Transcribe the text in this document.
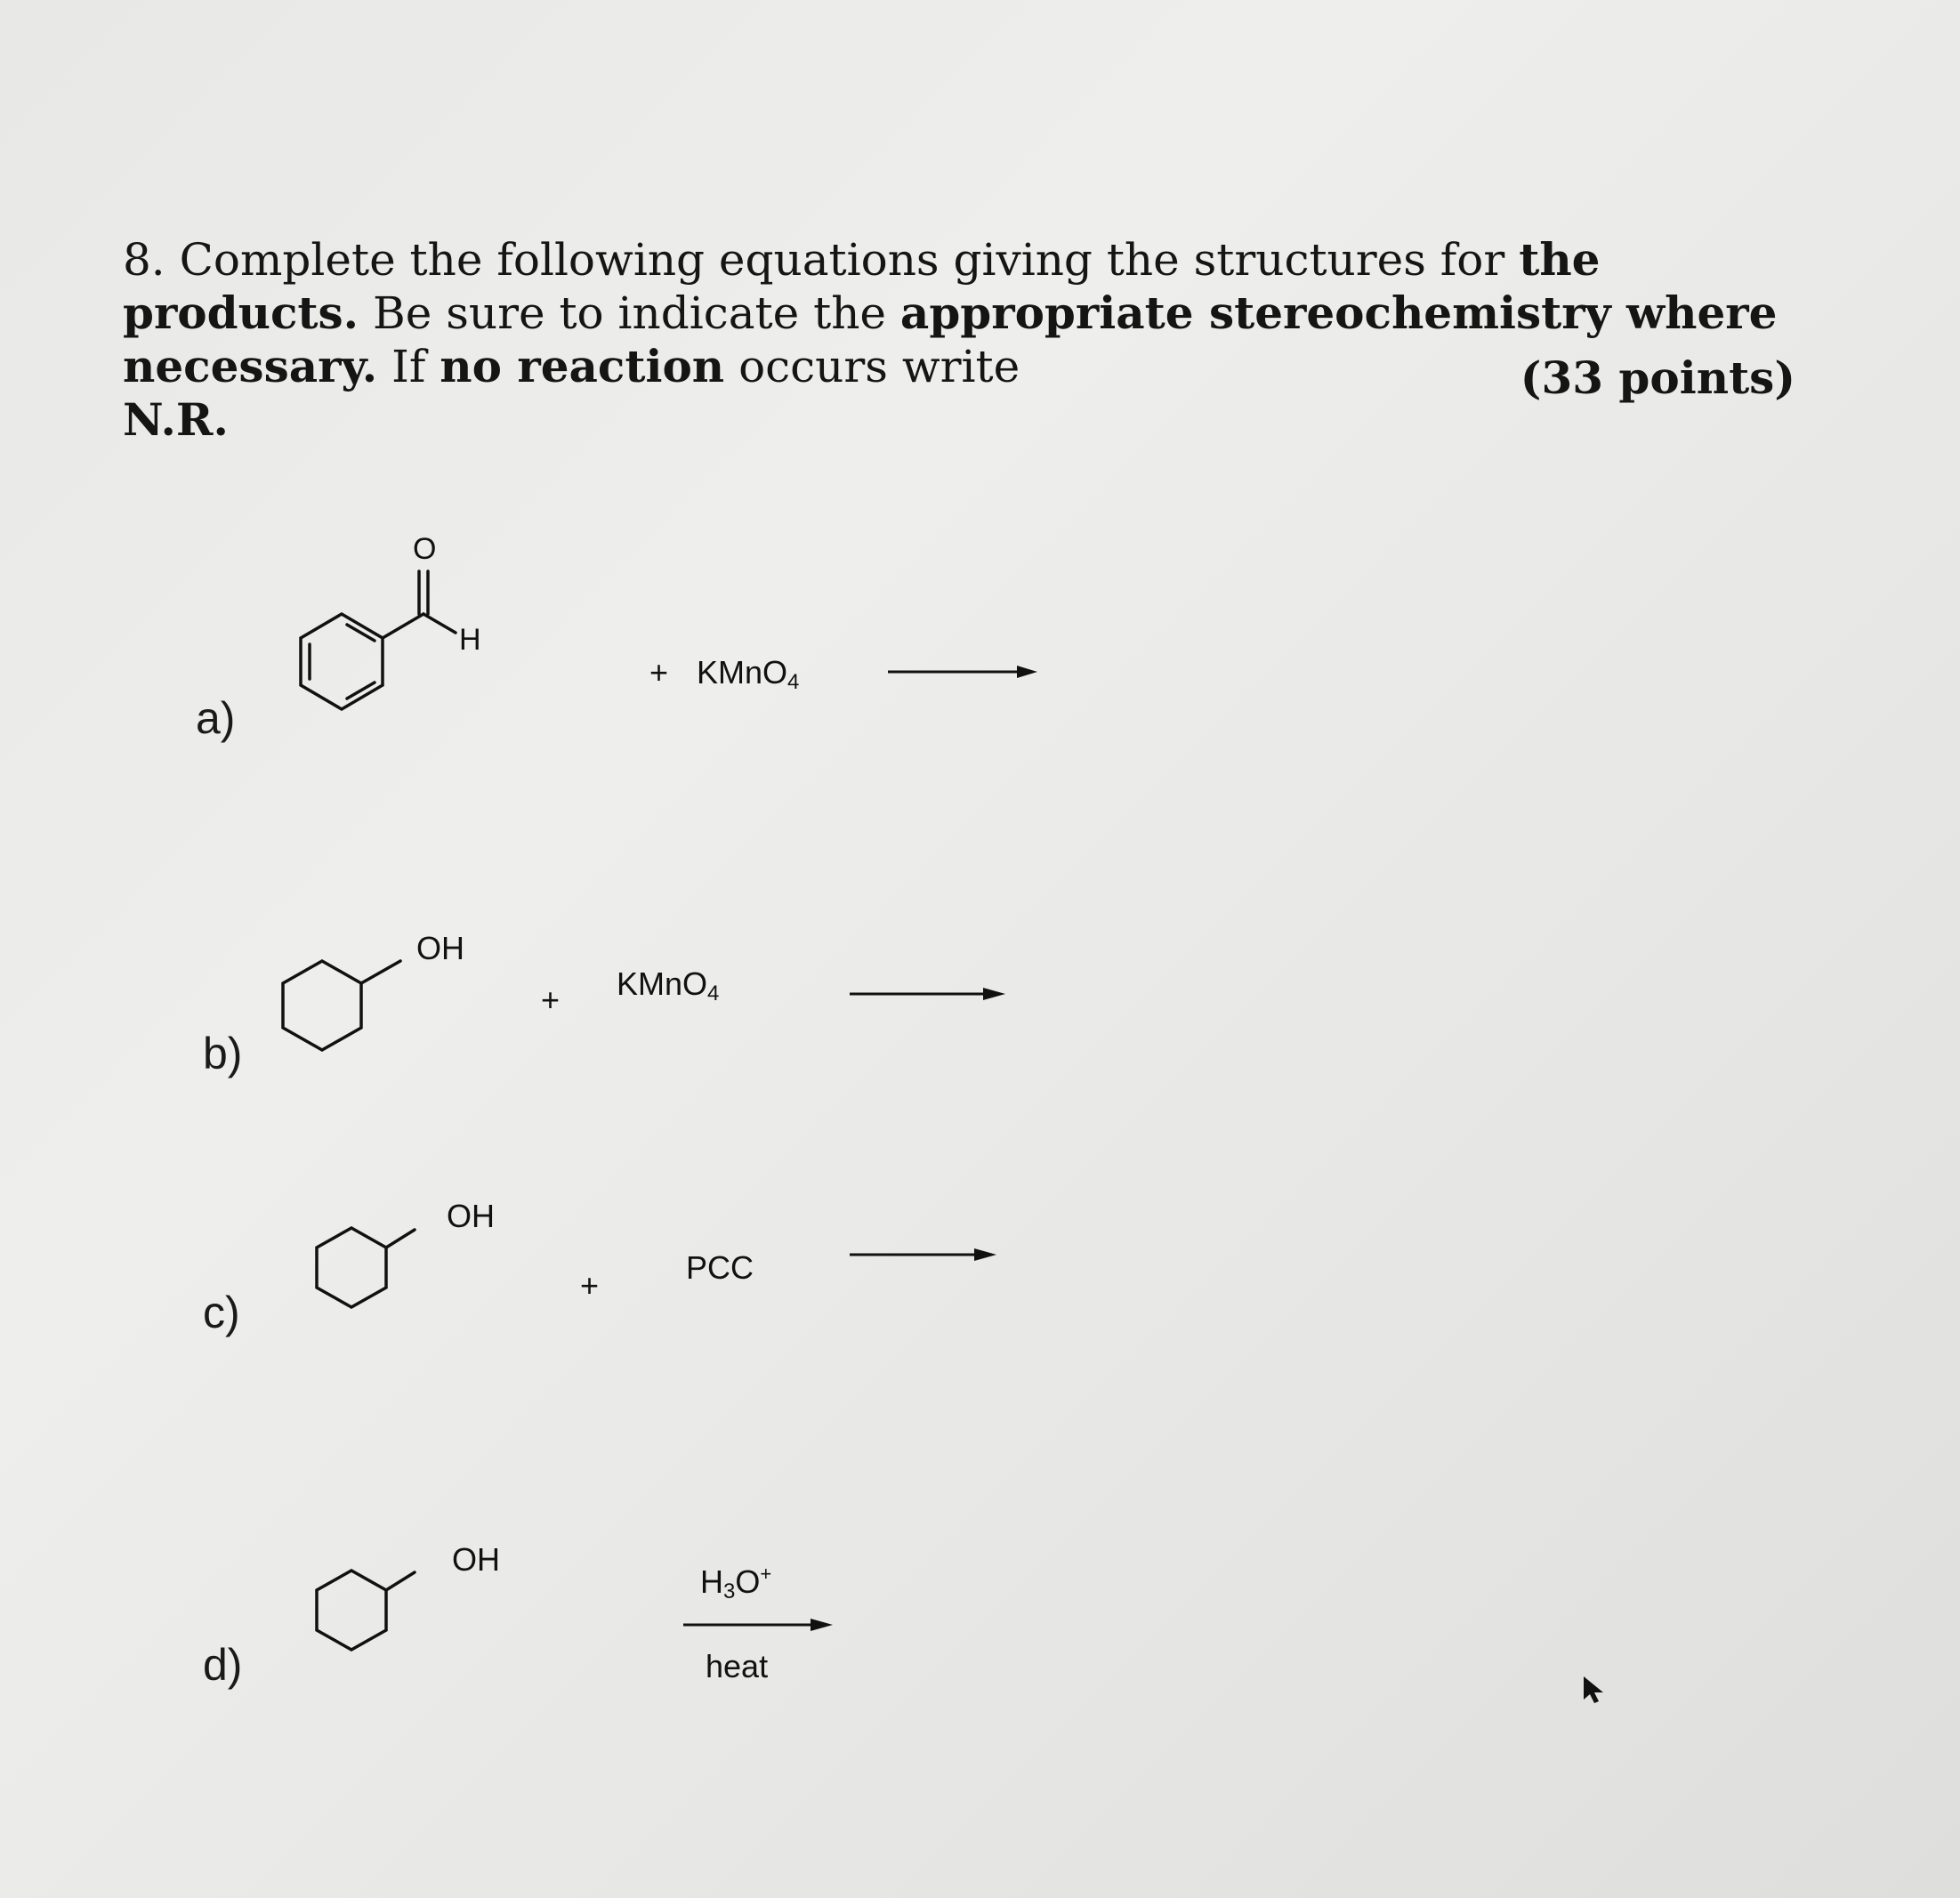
8. Complete the following equations giving the structures for the products. Be sure to indicate the appropriate stereochemistry where necessary. If no reaction occurs write
N.R.
(33 points)
a)
O
H
+ KMnO$_4$
b)
OH
+ KMnO$_4$
c)
OH
+	PCC
d)
OH
$H_3O^+$
heat
